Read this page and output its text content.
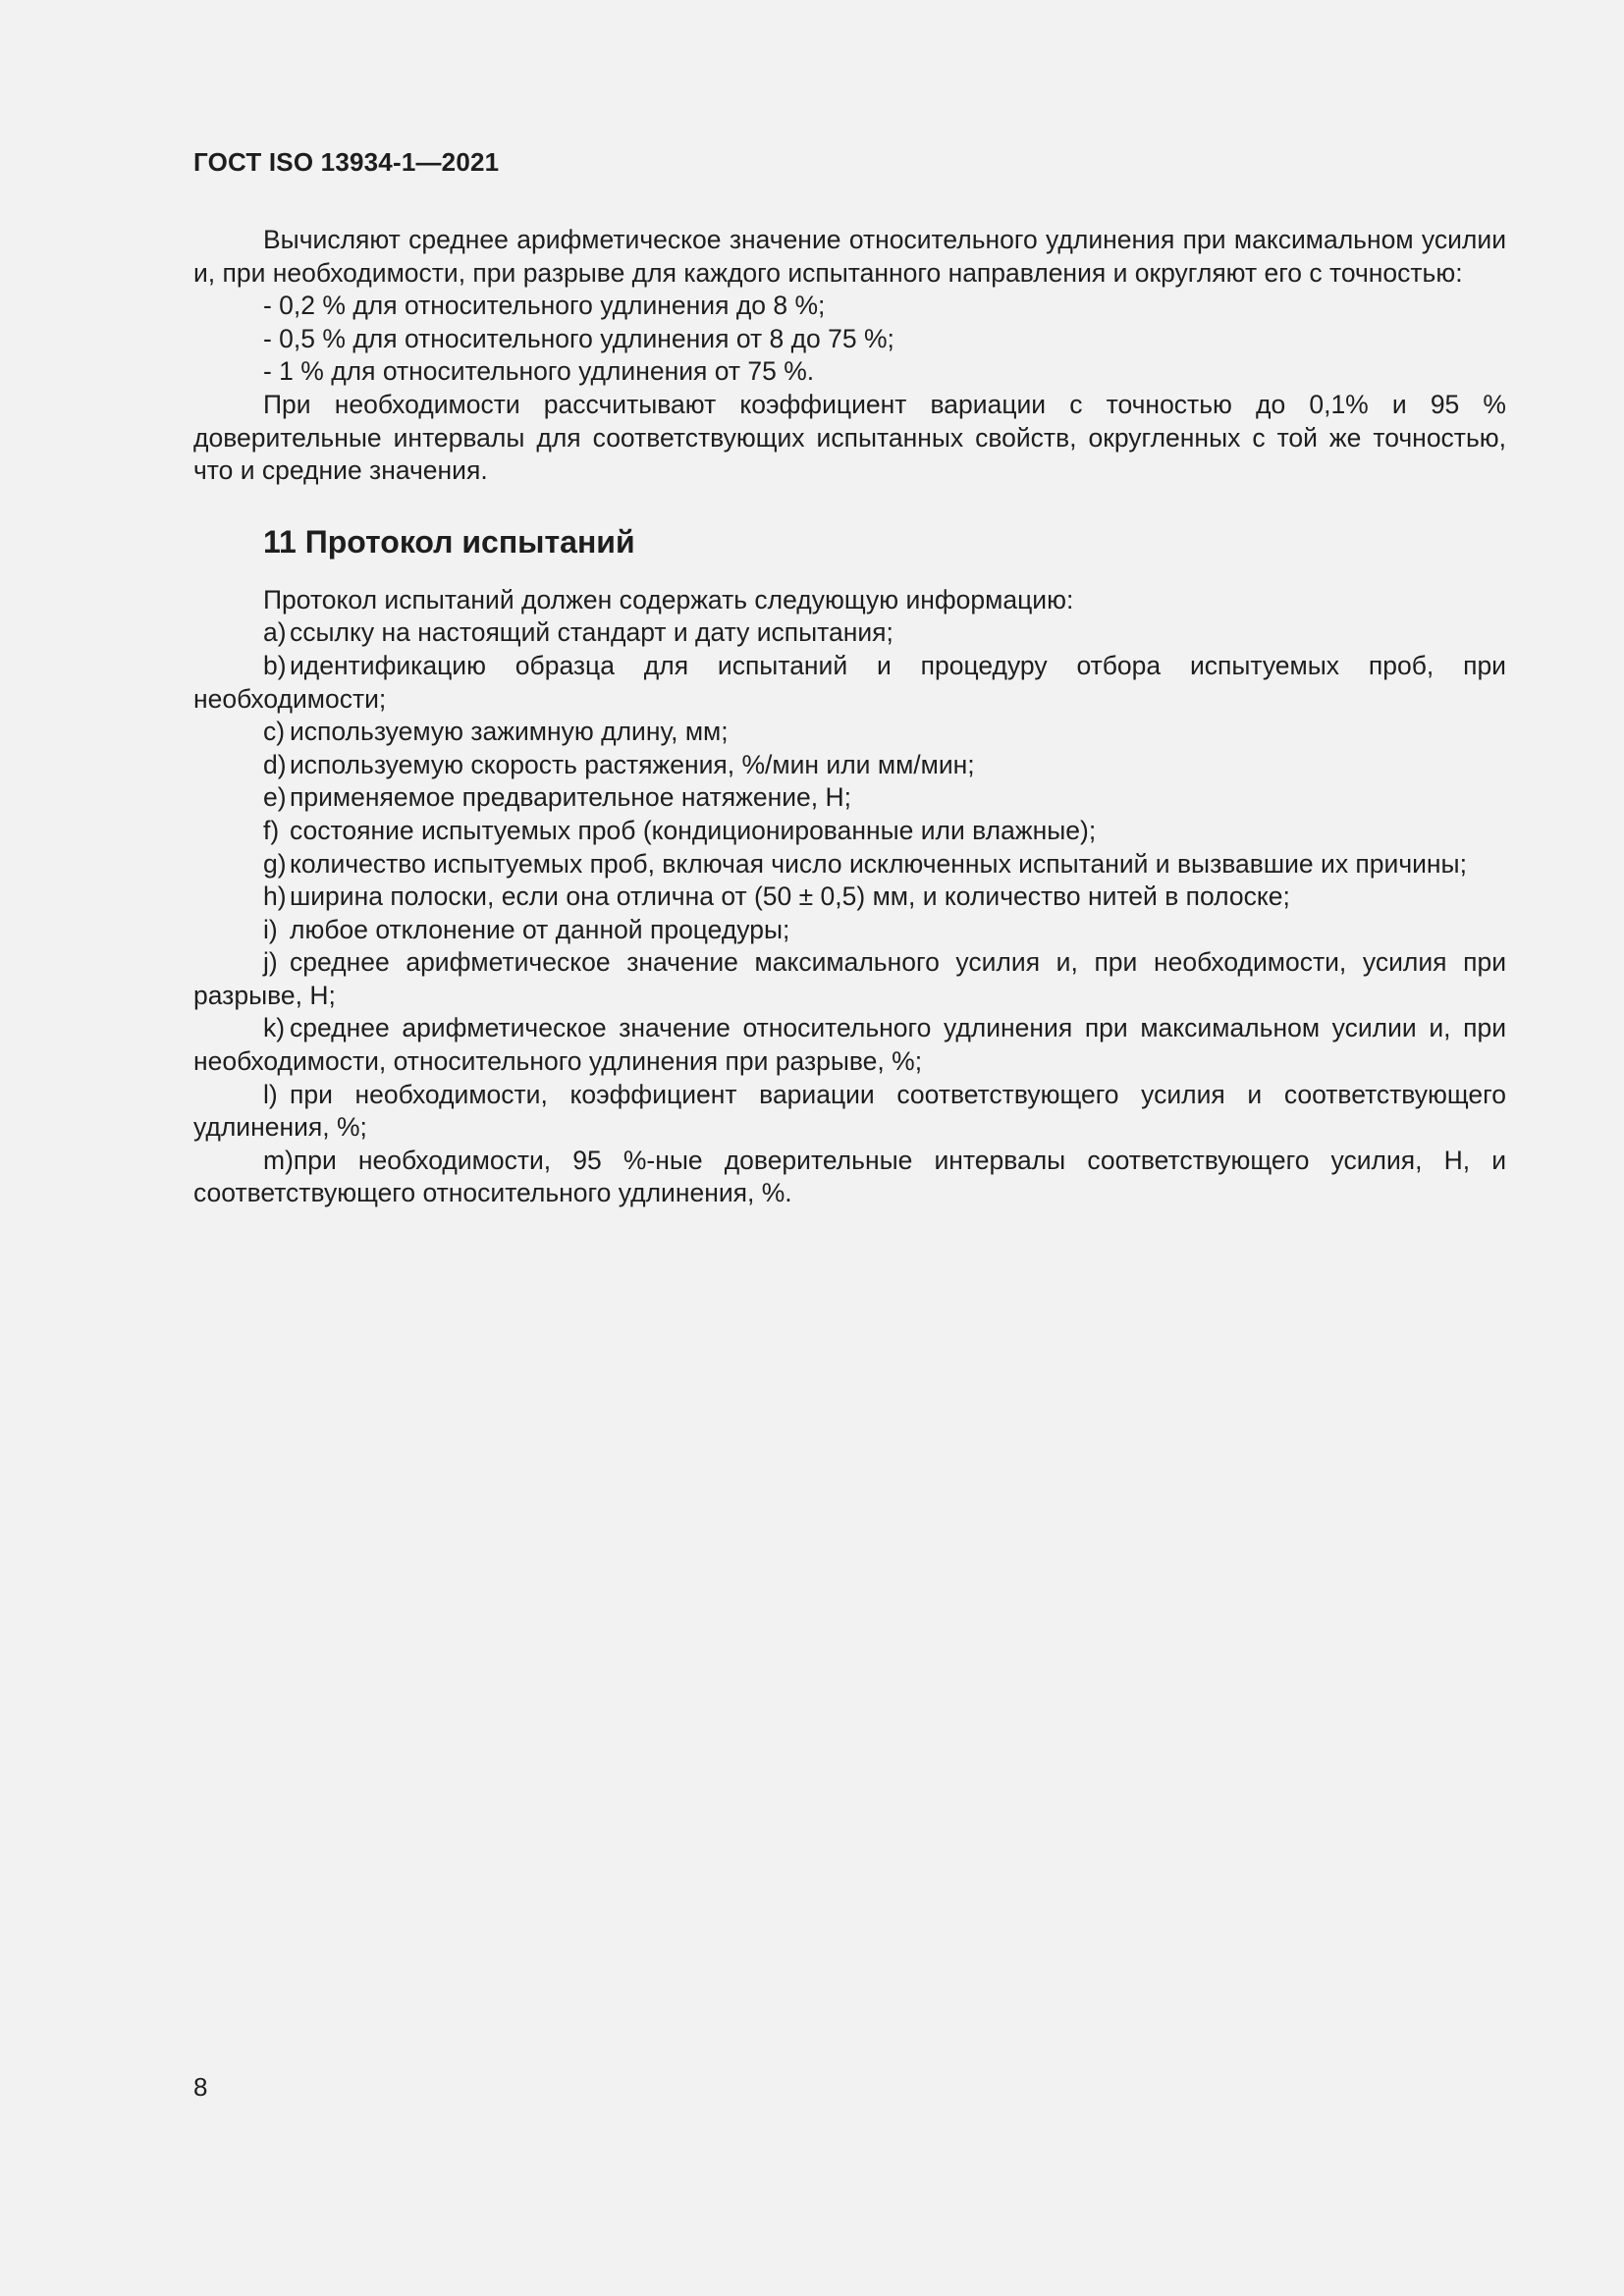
ГОСТ ISO 13934-1—2021

Вычисляют среднее арифметическое значение относительного удлинения при максимальном усилии и, при необходимости, при разрыве для каждого испытанного направления и округляют его с точностью:

- 0,2 % для относительного удлинения до 8 %;

- 0,5 % для относительного удлинения от 8 до 75 %;

- 1 % для относительного удлинения от 75 %.

При необходимости рассчитывают коэффициент вариации с точностью до 0,1% и 95 % доверительные интервалы для соответствующих испытанных свойств, округленных с той же точностью, что и средние значения.

11 Протокол испытаний

Протокол испытаний должен содержать следующую информацию:

a) ссылку на настоящий стандарт и дату испытания;

b) идентификацию образца для испытаний и процедуру отбора испытуемых проб, при необходимости;

c) используемую зажимную длину, мм;

d) используемую скорость растяжения, %/мин или мм/мин;

e) применяемое предварительное натяжение, Н;

f) состояние испытуемых проб (кондиционированные или влажные);

g) количество испытуемых проб, включая число исключенных испытаний и вызвавшие их причины;

h) ширина полоски, если она отлична от (50 ± 0,5) мм, и количество нитей в полоске;

i) любое отклонение от данной процедуры;

j) среднее арифметическое значение максимального усилия и, при необходимости, усилия при разрыве, Н;

k) среднее арифметическое значение относительного удлинения при максимальном усилии и, при необходимости, относительного удлинения при разрыве, %;

l) при необходимости, коэффициент вариации соответствующего усилия и соответствующего удлинения, %;

m)при необходимости, 95 %-ные доверительные интервалы соответствующего усилия, Н, и соответствующего относительного удлинения, %.

8
